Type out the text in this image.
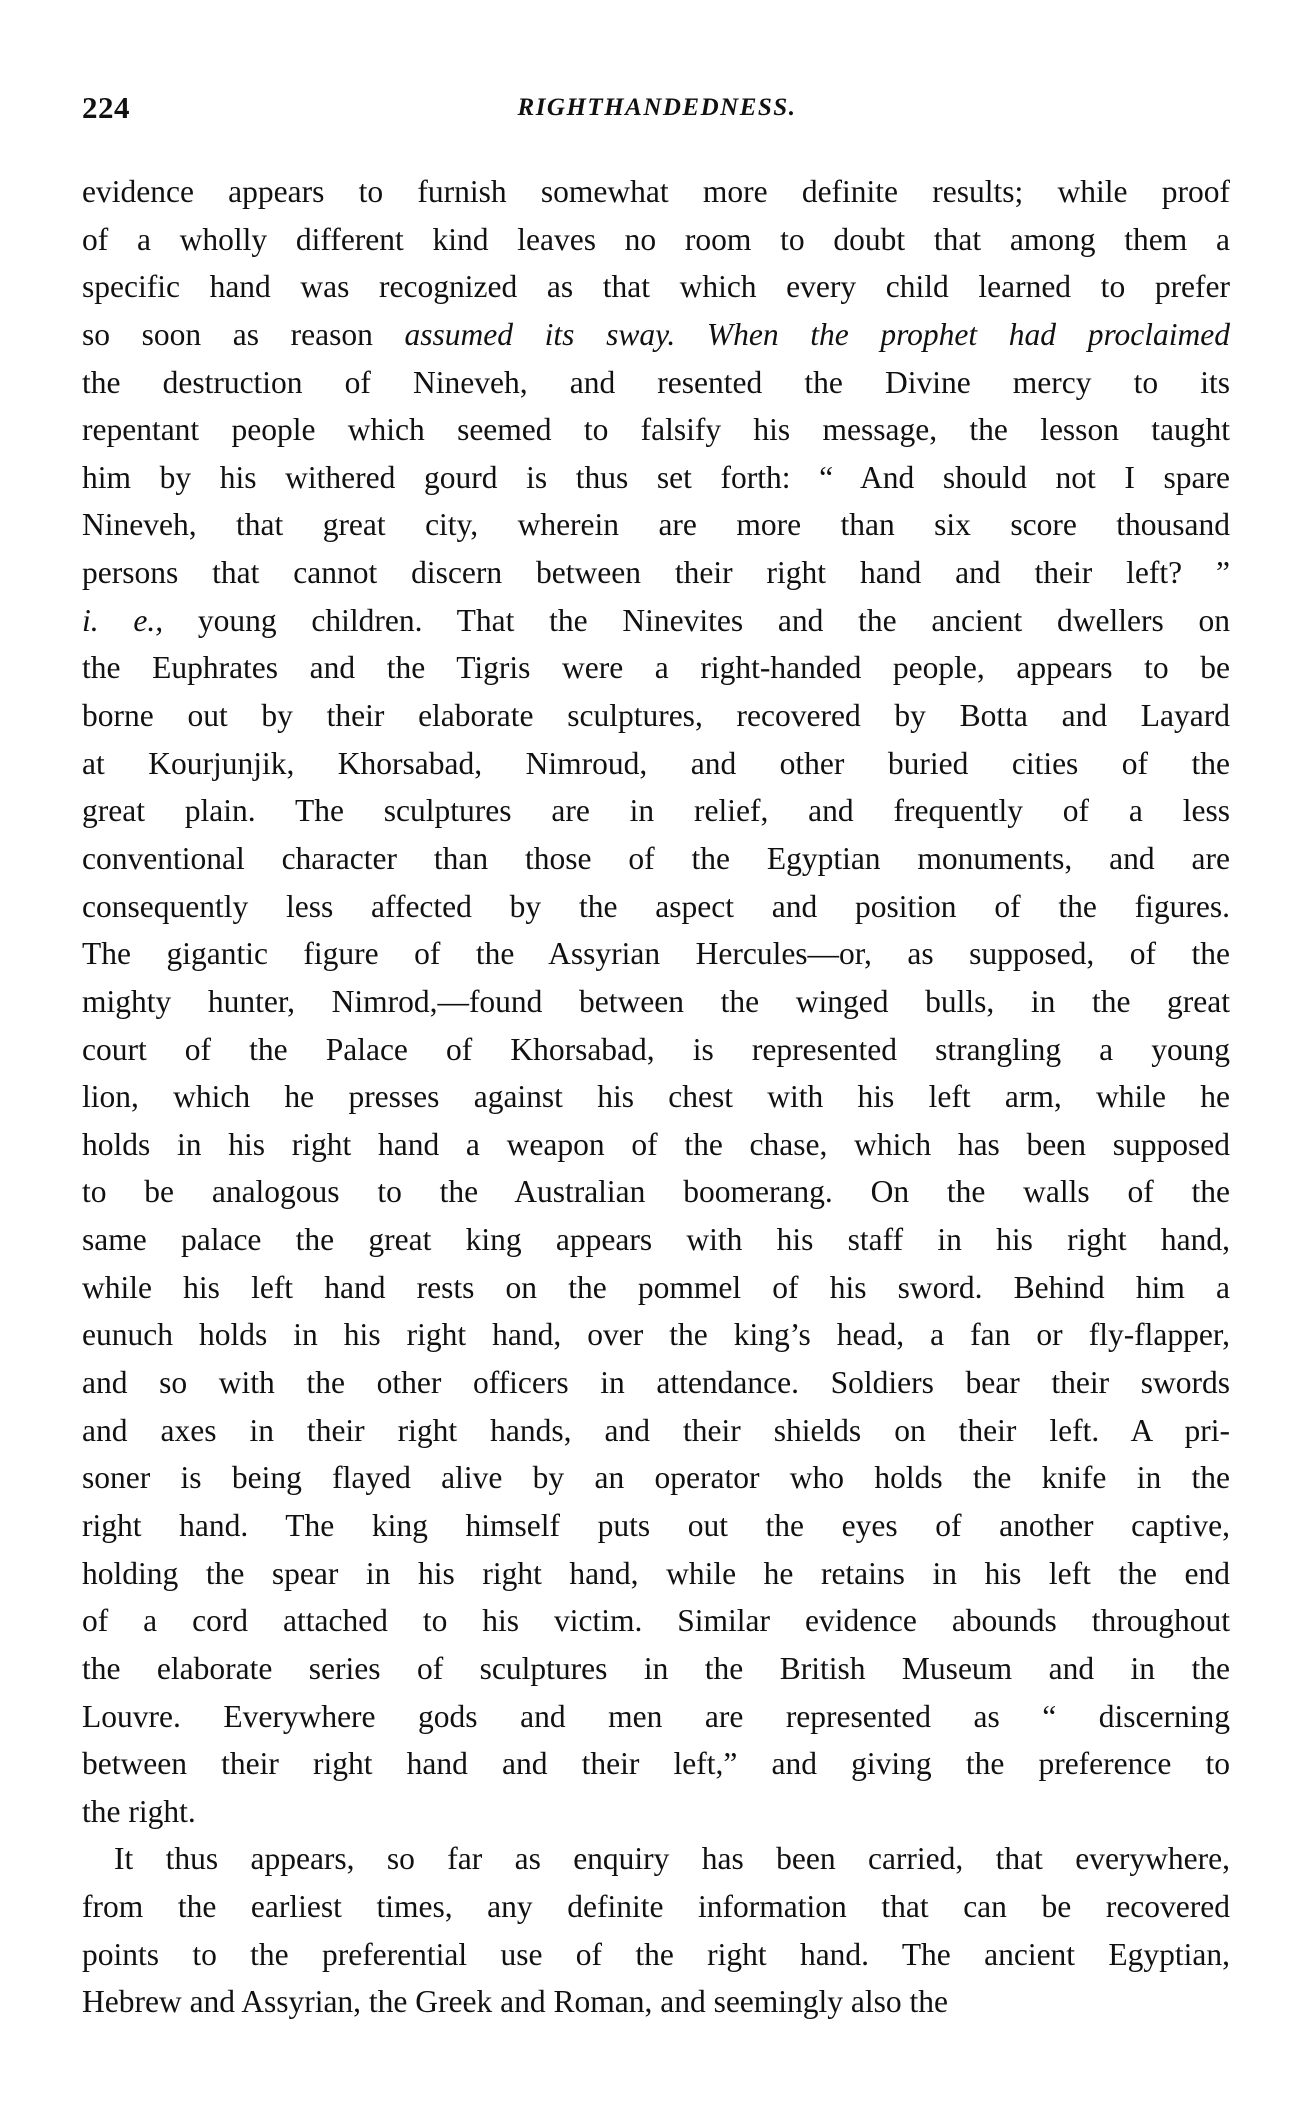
224	RIGHTHANDEDNESS.
evidence appears to furnish somewhat more definite results; while proof
of a wholly different kind leaves no room to doubt that among them a
specific hand was recognized as that which every child learned to prefer
so soon as reason assumed its sway. When the prophet had proclaimed
the destruction of Nineveh, and resented the Divine mercy to its
repentant people which seemed to falsify his message, the lesson taught
him by his withered gourd is thus set forth: “ And should not I spare
Nineveh, that great city, wherein are more than six score thousand
persons that cannot discern between their right hand and their left? ”
i. e., young children. That the Ninevites and the ancient dwellers on
the Euphrates and the Tigris were a right-handed people, appears to be
borne out by their elaborate sculptures, recovered by Botta and Layard
at Kourjunjik, Khorsabad, Nimroud, and other buried cities of the
great plain. The sculptures are in relief, and frequently of a less
conventional character than those of the Egyptian monuments, and are
consequently less affected by the aspect and position of the figures.
The gigantic figure of the Assyrian Hercules—or, as supposed, of the
mighty hunter, Nimrod,—found between the winged bulls, in the great
court of the Palace of Khorsabad, is represented strangling a young
lion, which he presses against his chest with his left arm, while he
holds in his right hand a weapon of the chase, which has been supposed
to be analogous to the Australian boomerang. On the walls of the
same palace the great king appears with his staff in his right hand,
while his left hand rests on the pommel of his sword. Behind him a
eunuch holds in his right hand, over the king’s head, a fan or fly-flapper,
and so with the other officers in attendance. Soldiers bear their swords
and axes in their right hands, and their shields on their left. A pri-
soner is being flayed alive by an operator who holds the knife in the
right hand. The king himself puts out the eyes of another captive,
holding the spear in his right hand, while he retains in his left the end
of a cord attached to his victim. Similar evidence abounds throughout
the elaborate series of sculptures in the British Museum and in the
Louvre. Everywhere gods and men are represented as “ discerning
between their right hand and their left,” and giving the preference to
the right.
It thus appears, so far as enquiry has been carried, that everywhere,
from the earliest times, any definite information that can be recovered
points to the preferential use of the right hand. The ancient Egyptian,
Hebrew and Assyrian, the Greek and Roman, and seemingly also the
